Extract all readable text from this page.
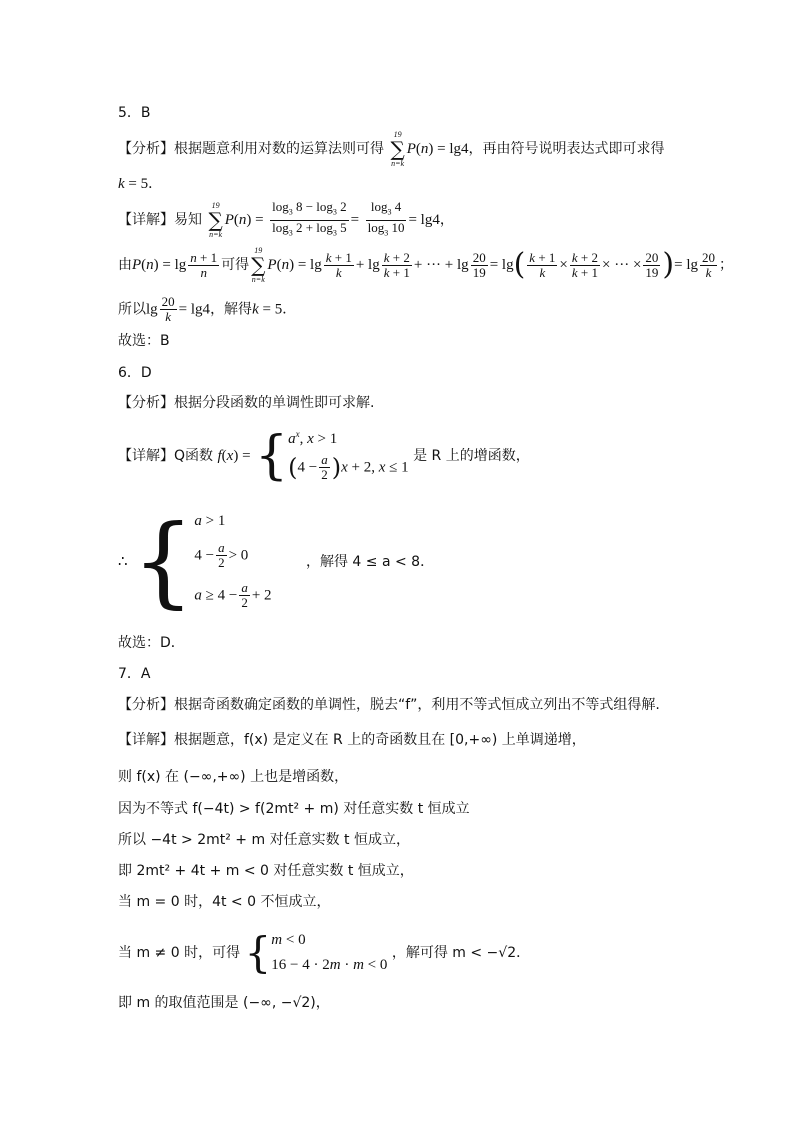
5．B
【分析】根据题意利用对数的运算法则可得
19
∑
n=k
P(n) = lg4，再由符号说明表达式即可求得
k = 5．
【详解】易知
19
∑
n=k
$P(n) = \frac{\log_3 8 - \log_3 2}{\log_3 2 + \log_3 5} = \frac{\log_3 4}{\log_3 10} = \lg 4$，
由$P(n) = \lg \frac{n + 1}{n}$ 可得
19
∑
n=k
$P(n) = \lg \frac{k + 1}{k} + \lg \frac{k + 2}{k + 1}$ + ··· + $\lg \frac{20}{19} = \lg( \frac{k + 1}{k} \times \frac{k + 2}{k + 1}$ × ··· × $\frac{20}{19}$ )= $\lg \frac{20}{k}$ ；
所以$\lg \frac{20}{k} = \lg 4$，解得k = 5．
故选：B
6．D
【分析】根据分段函数的单调性即可求解.
【详解】Q函数 f(x) = { $a^x$, x > 1
$(4 - \frac{a}{2} )x + 2$, x ≤ 1
是 R 上的增函数，
∴ { a > 1
$4 - \frac{a}{2} > 0$
$a \ge 4 - \frac{a}{2} + 2$
，解得 4 ≤ a < 8．
故选：D．
7．A
【分析】根据奇函数确定函数的单调性，脱去“f”，利用不等式恒成立列出不等式组得解.
【详解】根据题意，f(x) 是定义在 R 上的奇函数且在 [0,+∞) 上单调递增，
则 f(x) 在 (−∞,+∞) 上也是增函数，
因为不等式 f(−4t) > f(2mt² + m) 对任意实数 t 恒成立
所以 −4t > 2mt² + m 对任意实数 t 恒成立，
即 2mt² + 4t + m < 0 对任意实数 t 恒成立，
当 m = 0 时，4t < 0 不恒成立，
当 m ≠ 0 时，可得 { m < 0
16 − 4 · 2m · m < 0
，解可得 m < −√2．
即 m 的取值范围是 (−∞, −√2)，
